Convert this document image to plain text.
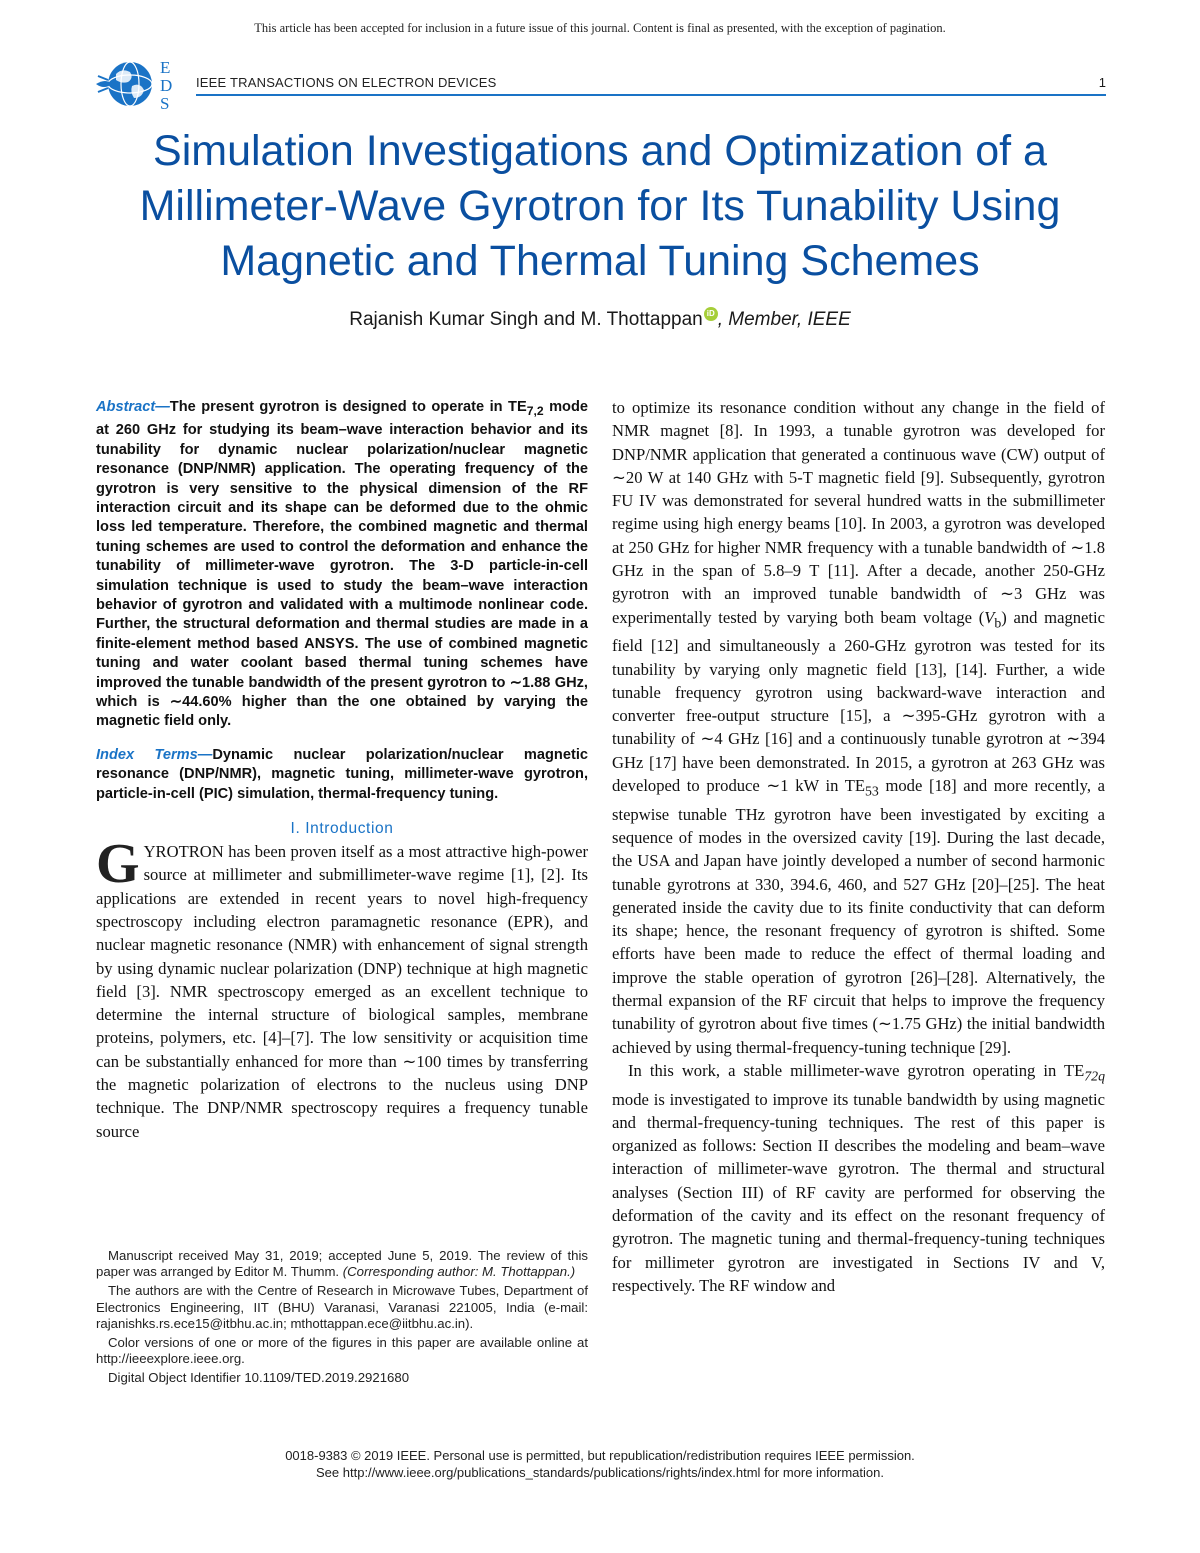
This article has been accepted for inclusion in a future issue of this journal. Content is final as presented, with the exception of pagination.
E
D
S
IEEE TRANSACTIONS ON ELECTRON DEVICES	1
Simulation Investigations and Optimization of a Millimeter-Wave Gyrotron for Its Tunability Using Magnetic and Thermal Tuning Schemes
Rajanish Kumar Singh and M. Thottappan iD , Member, IEEE
Abstract—The present gyrotron is designed to operate in $TE_{7,2}$ mode at 260 GHz for studying its beam–wave interaction behavior and its tunability for dynamic nuclear polarization/nuclear magnetic resonance (DNP/NMR) application. The operating frequency of the gyrotron is very sensitive to the physical dimension of the RF interaction circuit and its shape can be deformed due to the ohmic loss led temperature. Therefore, the combined magnetic and thermal tuning schemes are used to control the deformation and enhance the tunability of millimeter-wave gyrotron. The 3-D particle-in-cell simulation technique is used to study the beam–wave interaction behavior of gyrotron and validated with a multimode nonlinear code. Further, the structural deformation and thermal studies are made in a finite-element method based ANSYS. The use of combined magnetic tuning and water coolant based thermal tuning schemes have improved the tunable bandwidth of the present gyrotron to ∼1.88 GHz, which is ∼44.60% higher than the one obtained by varying the magnetic field only.
Index Terms—Dynamic nuclear polarization/nuclear magnetic resonance (DNP/NMR), magnetic tuning, millimeter-wave gyrotron, particle-in-cell (PIC) simulation, thermal-frequency tuning.
I. Introduction
GYROTRON has been proven itself as a most attractive high-power source at millimeter and submillimeter-wave regime [1], [2]. Its applications are extended in recent years to novel high-frequency spectroscopy including electron paramagnetic resonance (EPR), and nuclear magnetic resonance (NMR) with enhancement of signal strength by using dynamic nuclear polarization (DNP) technique at high magnetic field [3]. NMR spectroscopy emerged as an excellent technique to determine the internal structure of biological samples, membrane proteins, polymers, etc. [4]–[7]. The low sensitivity or acquisition time can be substantially enhanced for more than ∼100 times by transferring the magnetic polarization of electrons to the nucleus using DNP technique. The DNP/NMR spectroscopy requires a frequency tunable source

Manuscript received May 31, 2019; accepted June 5, 2019. The review of this paper was arranged by Editor M. Thumm. (Corresponding author: M. Thottappan.)

The authors are with the Centre of Research in Microwave Tubes, Department of Electronics Engineering, IIT (BHU) Varanasi, Varanasi 221005, India (e-mail: rajanishks.rs.ece15@itbhu.ac.in; mthottappan.ece@iitbhu.ac.in).

Color versions of one or more of the figures in this paper are available online at http://ieeexplore.ieee.org.

Digital Object Identifier 10.1109/TED.2019.2921680

to optimize its resonance condition without any change in the field of NMR magnet [8]. In 1993, a tunable gyrotron was developed for DNP/NMR application that generated a continuous wave (CW) output of ∼20 W at 140 GHz with 5-T magnetic field [9]. Subsequently, gyrotron FU IV was demonstrated for several hundred watts in the submillimeter regime using high energy beams [10]. In 2003, a gyrotron was developed at 250 GHz for higher NMR frequency with a tunable bandwidth of ∼1.8 GHz in the span of 5.8–9 T [11]. After a decade, another 250-GHz gyrotron with an improved tunable bandwidth of ∼3 GHz was experimentally tested by varying both beam voltage $(V_b)$ and magnetic field [12] and simultaneously a 260-GHz gyrotron was tested for its tunability by varying only magnetic field [13], [14]. Further, a wide tunable frequency gyrotron using backward-wave interaction and converter free-output structure [15], a ∼395-GHz gyrotron with a tunability of ∼4 GHz [16] and a continuously tunable gyrotron at ∼394 GHz [17] have been demonstrated. In 2015, a gyrotron at 263 GHz was developed to produce ∼1 kW in $TE_{53}$ mode [18] and more recently, a stepwise tunable THz gyrotron have been investigated by exciting a sequence of modes in the oversized cavity [19]. During the last decade, the USA and Japan have jointly developed a number of second harmonic tunable gyrotrons at 330, 394.6, 460, and 527 GHz [20]–[25]. The heat generated inside the cavity due to its finite conductivity that can deform its shape; hence, the resonant frequency of gyrotron is shifted. Some efforts have been made to reduce the effect of thermal loading and improve the stable operation of gyrotron [26]–[28]. Alternatively, the thermal expansion of the RF circuit that helps to improve the frequency tunability of gyrotron about five times (∼1.75 GHz) the initial bandwidth achieved by using thermal-frequency-tuning technique [29].
In this work, a stable millimeter-wave gyrotron operating in $TE_{72q}$ mode is investigated to improve its tunable bandwidth by using magnetic and thermal-frequency-tuning techniques. The rest of this paper is organized as follows: Section II describes the modeling and beam–wave interaction of millimeter-wave gyrotron. The thermal and structural analyses (Section III) of RF cavity are performed for observing the deformation of the cavity and its effect on the resonant frequency of gyrotron. The magnetic tuning and thermal-frequency-tuning techniques for millimeter gyrotron are investigated in Sections IV and V, respectively. The RF window and
0018-9383 © 2019 IEEE. Personal use is permitted, but republication/redistribution requires IEEE permission.
See http://www.ieee.org/publications_standards/publications/rights/index.html for more information.
